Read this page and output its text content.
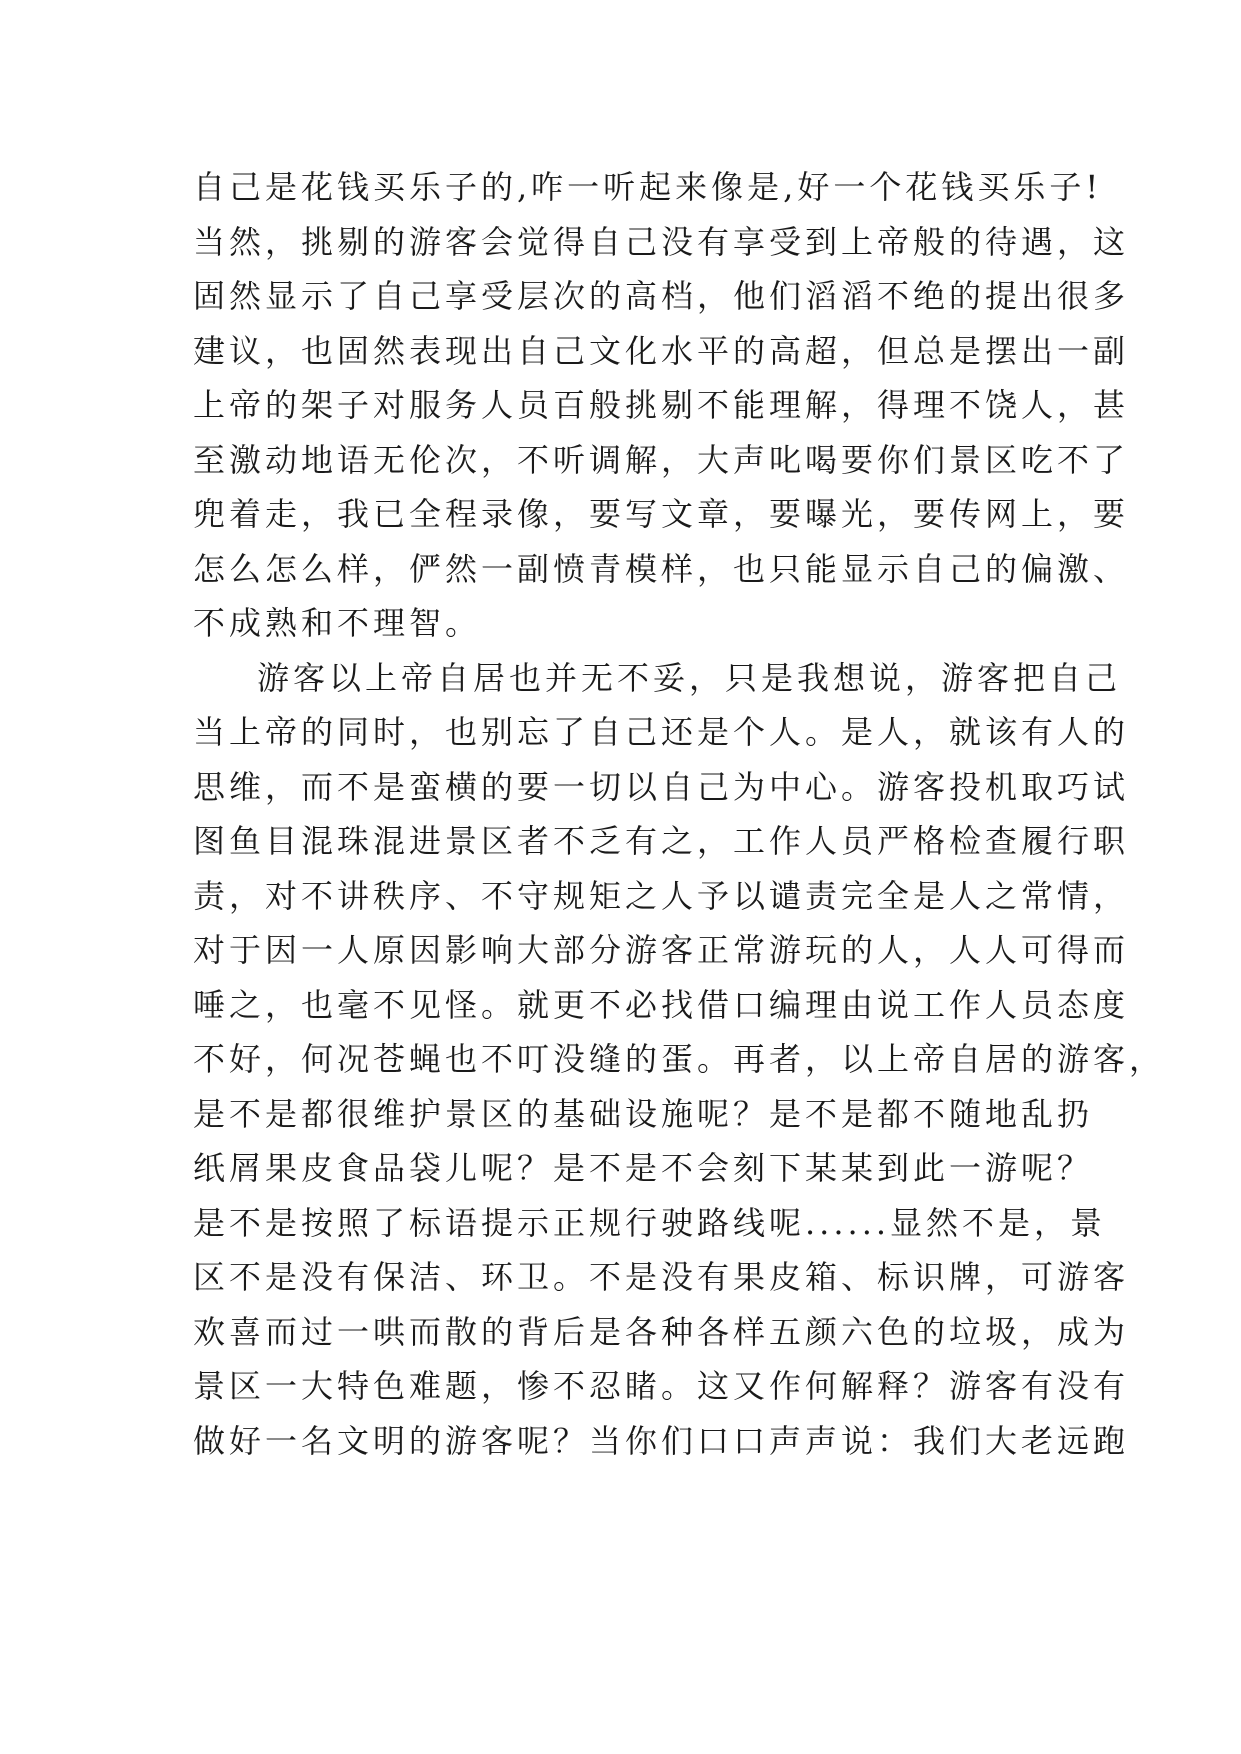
自己是花钱买乐子的,咋一听起来像是,好一个花钱买乐子!
当然，挑剔的游客会觉得自己没有享受到上帝般的待遇，这
固然显示了自己享受层次的高档，他们滔滔不绝的提出很多
建议，也固然表现出自己文化水平的高超，但总是摆出一副
上帝的架子对服务人员百般挑剔不能理解，得理不饶人，甚
至激动地语无伦次，不听调解，大声叱喝要你们景区吃不了
兜着走，我已全程录像，要写文章，要曝光，要传网上，要
怎么怎么样，俨然一副愤青模样，也只能显示自己的偏激、
不成熟和不理智。
游客以上帝自居也并无不妥，只是我想说，游客把自己
当上帝的同时，也别忘了自己还是个人。是人，就该有人的
思维，而不是蛮横的要一切以自己为中心。游客投机取巧试
图鱼目混珠混进景区者不乏有之，工作人员严格检查履行职
责，对不讲秩序、不守规矩之人予以谴责完全是人之常情，
对于因一人原因影响大部分游客正常游玩的人，人人可得而
唾之，也毫不见怪。就更不必找借口编理由说工作人员态度
不好，何况苍蝇也不叮没缝的蛋。再者，以上帝自居的游客，
是不是都很维护景区的基础设施呢？是不是都不随地乱扔
纸屑果皮食品袋儿呢？是不是不会刻下某某到此一游呢？
是不是按照了标语提示正规行驶路线呢......显然不是，景
区不是没有保洁、环卫。不是没有果皮箱、标识牌，可游客
欢喜而过一哄而散的背后是各种各样五颜六色的垃圾，成为
景区一大特色难题，惨不忍睹。这又作何解释？游客有没有
做好一名文明的游客呢？当你们口口声声说：我们大老远跑
